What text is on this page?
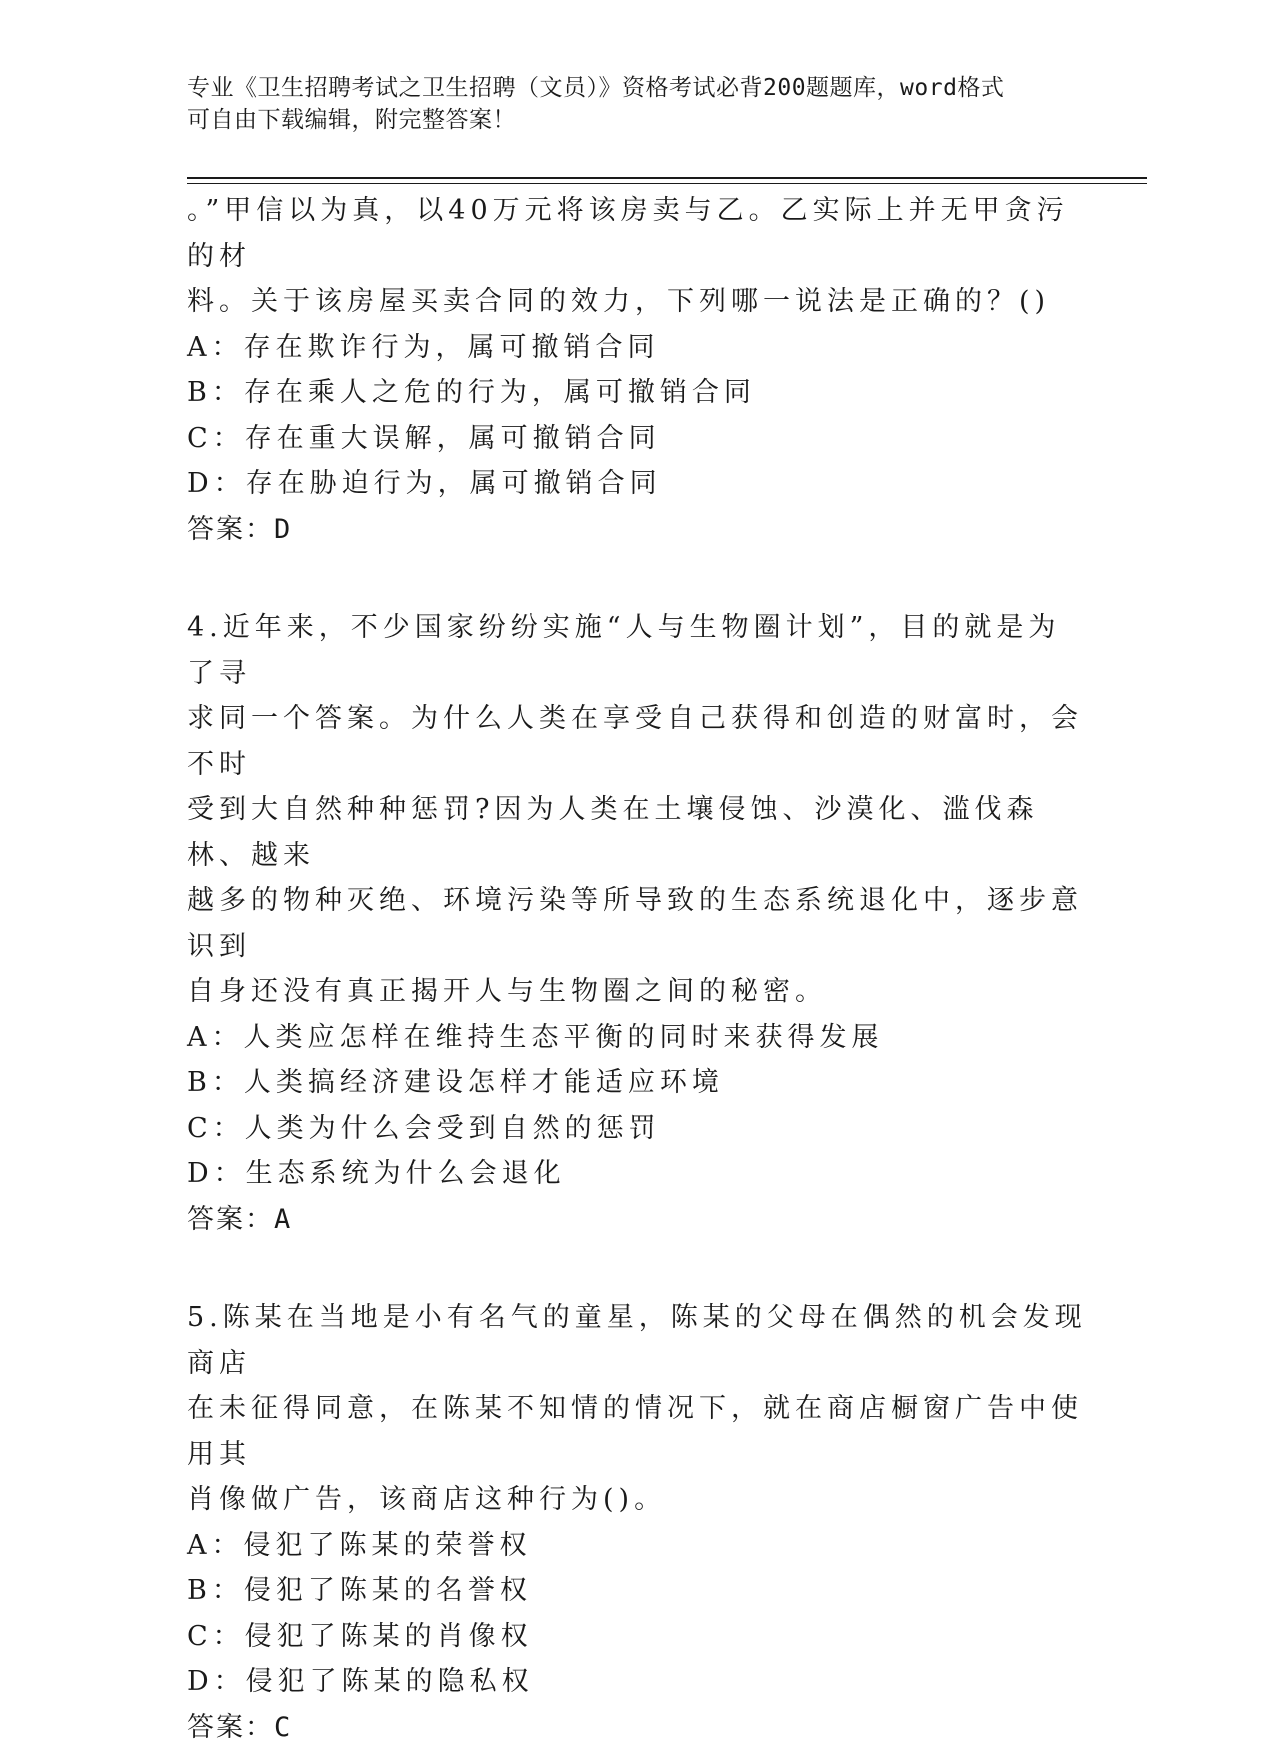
专业《卫生招聘考试之卫生招聘（文员）》资格考试必背200题题库，word格式
可自由下载编辑，附完整答案！

。”甲信以为真，以40万元将该房卖与乙。乙实际上并无甲贪污的材

料。关于该房屋买卖合同的效力，下列哪一说法是正确的？()

A：存在欺诈行为，属可撤销合同

B：存在乘人之危的行为，属可撤销合同

C：存在重大误解，属可撤销合同

D：存在胁迫行为，属可撤销合同

答案：D

4.近年来，不少国家纷纷实施“人与生物圈计划”，目的就是为了寻

求同一个答案。为什么人类在享受自己获得和创造的财富时，会不时

受到大自然种种惩罚?因为人类在土壤侵蚀、沙漠化、滥伐森林、越来

越多的物种灭绝、环境污染等所导致的生态系统退化中，逐步意识到

自身还没有真正揭开人与生物圈之间的秘密。

A：人类应怎样在维持生态平衡的同时来获得发展

B：人类搞经济建设怎样才能适应环境

C：人类为什么会受到自然的惩罚

D：生态系统为什么会退化

答案：A

5.陈某在当地是小有名气的童星，陈某的父母在偶然的机会发现商店

在未征得同意，在陈某不知情的情况下，就在商店橱窗广告中使用其

肖像做广告，该商店这种行为()。

A：侵犯了陈某的荣誉权

B：侵犯了陈某的名誉权

C：侵犯了陈某的肖像权

D：侵犯了陈某的隐私权

答案：C
